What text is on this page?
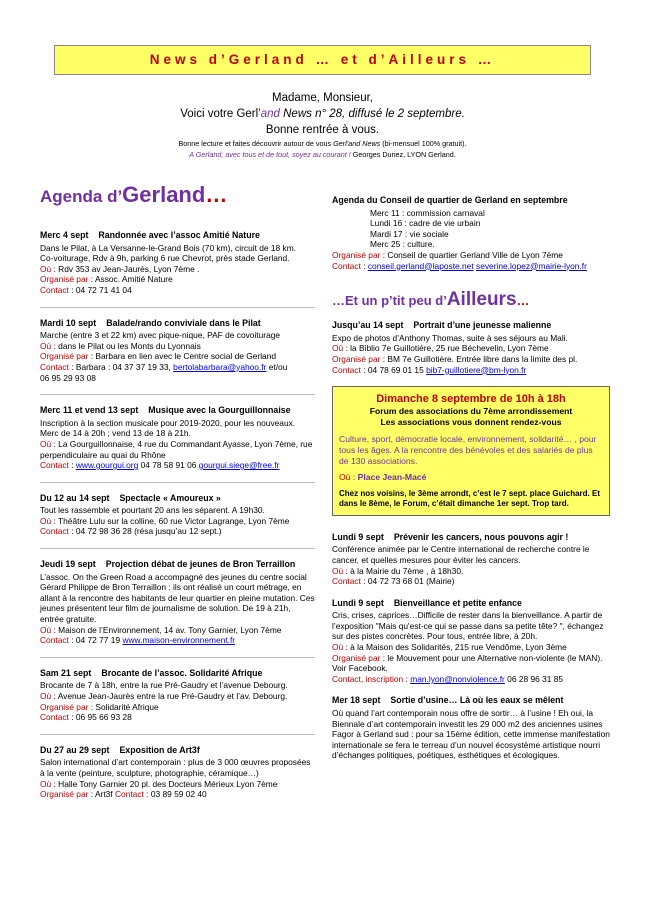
News d’Gerland … et d’Ailleurs …
Madame, Monsieur,
Voici votre Gerl’and News n° 28, diffusé le 2 septembre.
Bonne rentrée à vous.
Bonne lecture et faites découvrir autour de vous Gerl’and News (bi-mensuel 100% gratuit).
A Gerland, avec tous et de tout, soyez au courant ! Georges Duriez, LYON Gerland.
Agenda d’Gerland…
Merc 4 sept Randonnée avec l’assoc Amitié Nature
Dans le Pilat, à La Versanne-le-Grand Bois (70 km), circuit de 18 km.
Co-voiturage, Rdv à 9h, parking 6 rue Chevrot, près stade Gerland.
Où : Rdv 353 av Jean-Jaurès, Lyon 7ème .
Organisé par : Assoc. Amitié Nature
Contact : 04 72 71 41 04
Mardi 10 sept Balade/rando conviviale dans le Pilat
Marche (entre 3 et 22 km) avec pique-nique, PAF de covoiturage
Où : dans le Pilat ou les Monts du Lyonnais
Organisé par : Barbara en lien avec le Centre social de Gerland
Contact : Barbara : 04 37 37 19 33, bertolabarbara@yahoo.fr et/ou
06 95 29 93 08
Merc 11 et vend 13 sept Musique avec la Gourguillonnaise
Inscription à la section musicale pour 2019-2020, pour les nouveaux.
Merc de 14 à 20h ; vend 13 de 18 à 21h.
Où : La Gourguillonnaise, 4 rue du Commandant Ayasse, Lyon 7ème, rue perpendiculaire au quai du Rhône
Contact : www.gourgui.org 04 78 58 91 06 gourgui.siege@free.fr
Du 12 au 14 sept Spectacle « Amoureux »
Tout les rassemble et pourtant 20 ans les séparent. A 19h30.
Où : Théâtre Lulu sur la colline, 60 rue Victor Lagrange, Lyon 7ème
Contact : 04 72 98 36 28 (résa jusqu’au 12 sept.)
Jeudi 19 sept Projection débat de jeunes de Bron Terraillon
L’assoc. On the Green Road a accompagné des jeunes du centre social Gérard Philippe de Bron Terraillon : ils ont réalisé un court métrage, en allant à la rencontre des habitants de leur quartier en pleine mutation. Ces jeunes présentent leur film de journalisme de solution. De 19 à 21h, entrée gratuite.
Où : Maison de l’Environnement, 14 av. Tony Garnier, Lyon 7ème
Contact : 04 72 77 19 www.maison-environnement.fr
Sam 21 sept Brocante de l’assoc. Solidarité Afrique
Brocante de 7 à 18h, entre la rue Pré-Gaudry et l’avenue Debourg.
Où : Avenue Jean-Jaurès entre la rue Pré-Gaudry et l’av. Debourg.
Organisé par : Solidarité Afrique
Contact : 06 95 66 93 28
Du 27 au 29 sept Exposition de Art3f
Salon international d’art contemporain : plus de 3 000 œuvres proposées à la vente (peinture, sculpture, photographie, céramique…)
Où : Halle Tony Garnier 20 pl. des Docteurs Mérieux Lyon 7ème
Organisé par : Art3f Contact : 03 89 59 02 40
Agenda du Conseil de quartier de Gerland en septembre
Merc 11 : commission carnaval
Lundi 16 : cadre de vie urbain
Mardi 17 : vie sociale
Merc 25 : culture.
Organisé par : Conseil de quartier Gerland Ville de Lyon 7ème
Contact : conseil.gerland@laposte.net severine.lopez@mairie-lyon.fr
…Et un p’tit peu d’Ailleurs…
Jusqu’au 14 sept Portrait d’une jeunesse malienne
Expo de photos d’Anthony Thomas, suite à ses séjours au Mali.
Où : la Biblio 7e Guillotière, 25 rue Béchevelin, Lyon 7ème
Organisé par : BM 7e Guillotière. Entrée libre dans la limite des pl.
Contact : 04 78 69 01 15 bib7-guillotiere@bm-lyon.fr
Dimanche 8 septembre de 10h à 18h
Forum des associations du 7ème arrondissement
Les associations vous donnent rendez-vous
Culture, sport, démocratie locale, environnement, solidarité… , pour tous les âges. A la rencontre des bénévoles et des salariés de plus de 130 associations.
Où : Place Jean-Macé
Chez nos voisins, le 3ème arrondt, c’est le 7 sept. place Guichard. Et dans le 8ème, le Forum, c’était dimanche 1er sept. Trop tard.
Lundi 9 sept Prévenir les cancers, nous pouvons agir !
Conférence animée par le Centre international de recherche contre le cancer, et quelles mesures pour éviter les cancers.
Où : à la Mairie du 7ème , à 18h30.
Contact : 04 72 73 68 01 (Mairie)
Lundi 9 sept Bienveillance et petite enfance
Cris, crises, caprices…Difficile de rester dans la bienveillance. A partir de l’exposition "Mais qu'est-ce qui se passe dans sa petite tête? ", échangez sur des pistes concrètes. Pour tous, entrée libre, à 20h.
Où : à la Maison des Solidarités, 215 rue Vendôme, Lyon 3ème
Organisé par : le Mouvement pour une Alternative non-violente (le MAN). Voir Facebook.
Contact, inscription : man.lyon@nonviolence.fr 06 28 96 31 85
Mer 18 sept Sortie d’usine… Là où les eaux se mêlent
Où quand l’art contemporain nous offre de sortir… à l’usine ! Eh oui, la Biennale d’art contemporain investit les 29 000 m2 des anciennes usines Fagor à Gerland sud : pour sa 15ème édition, cette immense manifestation internationale se fera le terreau d’un nouvel écosystème artistique nourri d’échanges politiques, poétiques, esthétiques et écologiques.
